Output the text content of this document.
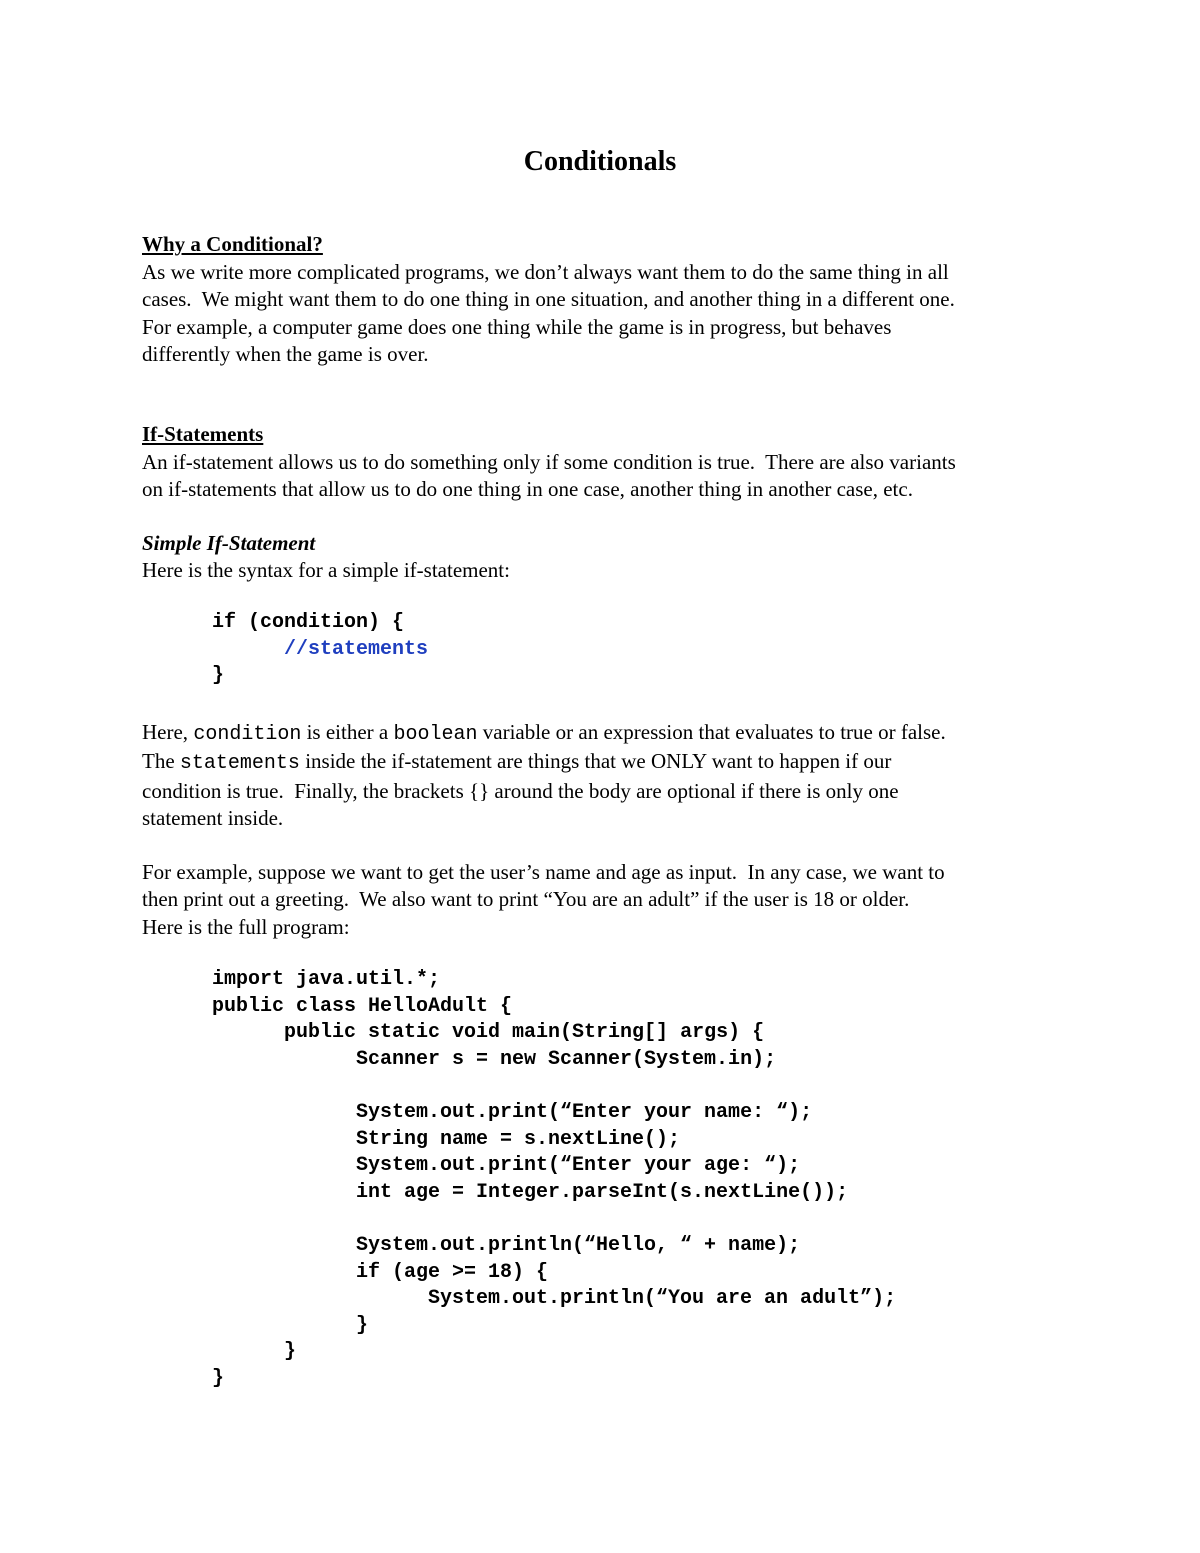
Conditionals
Why a Conditional?

As we write more complicated programs, we don’t always want them to do the same thing in all
cases.  We might want them to do one thing in one situation, and another thing in a different one.
For example, a computer game does one thing while the game is in progress, but behaves
differently when the game is over.

If-Statements

An if-statement allows us to do something only if some condition is true.  There are also variants
on if-statements that allow us to do one thing in one case, another thing in another case, etc.

Simple If-Statement

Here is the syntax for a simple if-statement:

if (condition) {
//statements
}

Here, condition is either a boolean variable or an expression that evaluates to true or false.
The statements inside the if-statement are things that we ONLY want to happen if our
condition is true.  Finally, the brackets {} around the body are optional if there is only one
statement inside.

For example, suppose we want to get the user’s name and age as input.  In any case, we want to
then print out a greeting.  We also want to print “You are an adult” if the user is 18 or older.
Here is the full program:

import java.util.*;
public class HelloAdult {
public static void main(String[] args) {
Scanner s = new Scanner(System.in);
System.out.print(“Enter your name: “);
String name = s.nextLine();
System.out.print(“Enter your age: “);
int age = Integer.parseInt(s.nextLine());
System.out.println(“Hello, “ + name);
if (age >= 18) {
System.out.println(“You are an adult”);
}
}
}
